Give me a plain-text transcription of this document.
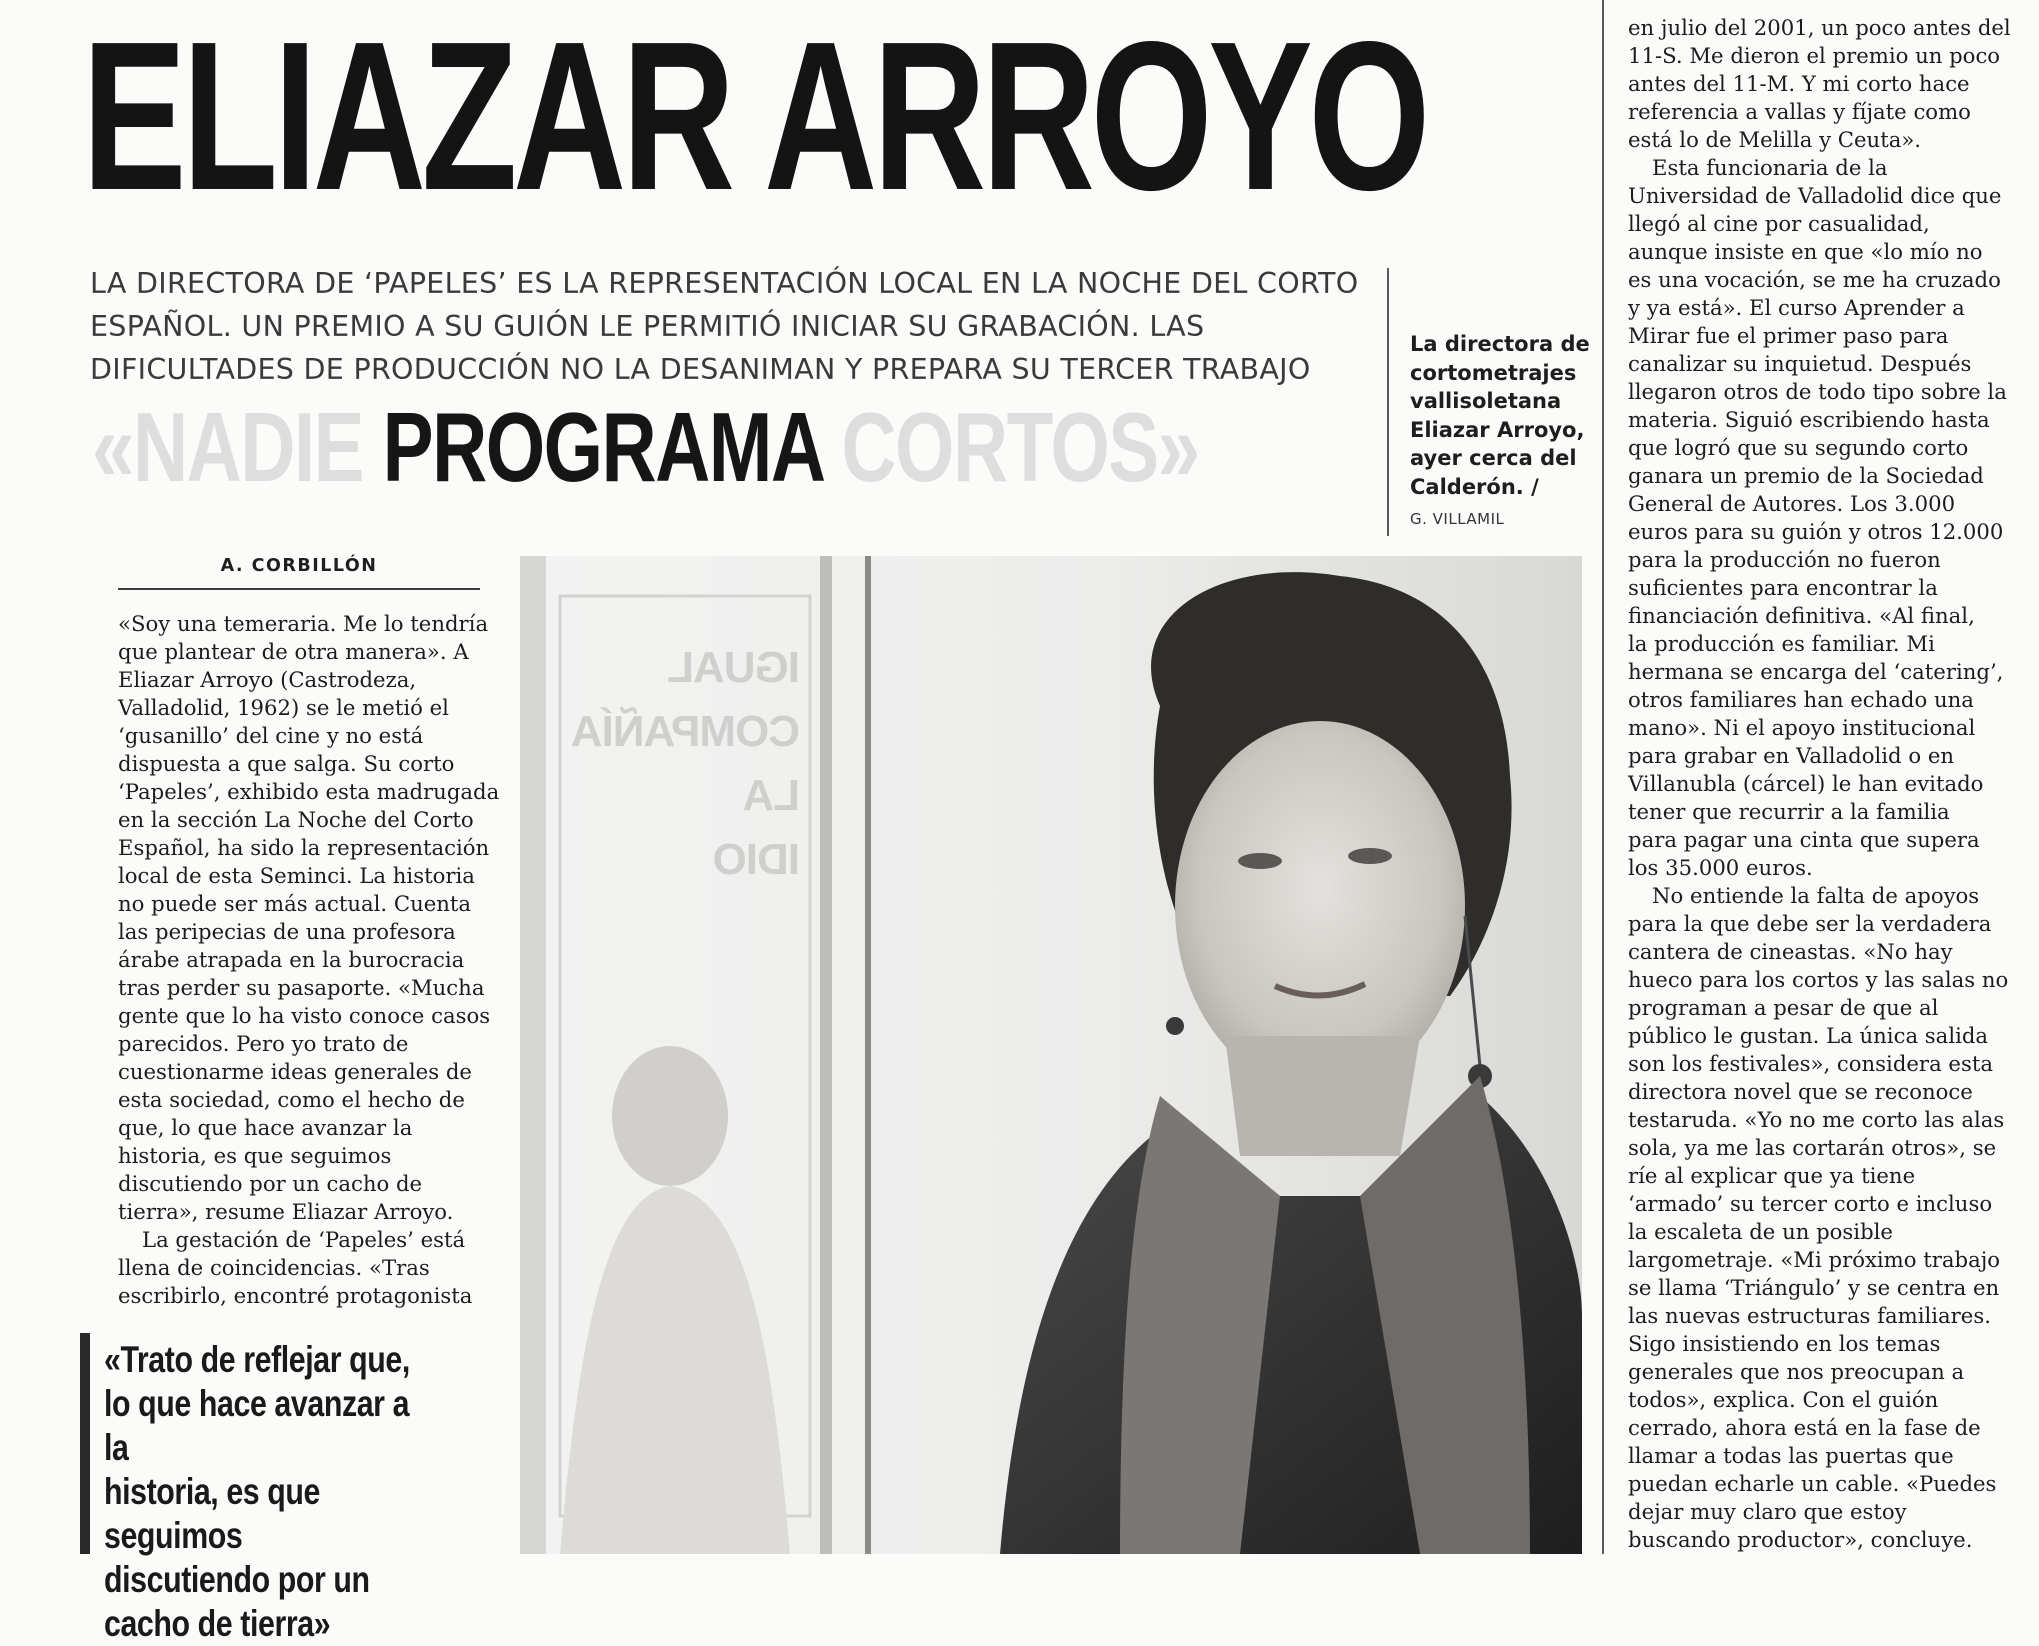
ELIAZAR ARROYO
LA DIRECTORA DE ‘PAPELES’ ES LA REPRESENTACIÓN LOCAL EN LA NOCHE DEL CORTO
ESPAÑOL. UN PREMIO A SU GUIÓN LE PERMITIÓ INICIAR SU GRABACIÓN. LAS
DIFICULTADES DE PRODUCCIÓN NO LA DESANIMAN Y PREPARA SU TERCER TRABAJO
«NADIE PROGRAMA CORTOS»
La directora de
cortometrajes
vallisoletana
Eliazar Arroyo,
ayer cerca del
Calderón. /
G. VILLAMIL
A. CORBILLÓN
«Soy una temeraria. Me lo tendría
que plantear de otra manera». A
Eliazar Arroyo (Castrodeza,
Valladolid, 1962) se le metió el
‘gusanillo’ del cine y no está
dispuesta a que salga. Su corto
‘Papeles’, exhibido esta madrugada
en la sección La Noche del Corto
Español, ha sido la representación
local de esta Seminci. La historia
no puede ser más actual. Cuenta
las peripecias de una profesora
árabe atrapada en la burocracia
tras perder su pasaporte. «Mucha
gente que lo ha visto conoce casos
parecidos. Pero yo trato de
cuestionarme ideas generales de
esta sociedad, como el hecho de
que, lo que hace avanzar la
historia, es que seguimos
discutiendo por un cacho de
tierra», resume Eliazar Arroyo.
La gestación de ‘Papeles’ está
llena de coincidencias. «Tras
escribirlo, encontré protagonista
«Trato de reflejar que,
lo que hace avanzar a la
historia, es que seguimos
discutiendo por un
cacho de tierra»
IGUAL
COMPAÑÍA
LA
IDIO
en julio del 2001, un poco antes del
11-S. Me dieron el premio un poco
antes del 11-M. Y mi corto hace
referencia a vallas y fíjate como
está lo de Melilla y Ceuta».
Esta funcionaria de la
Universidad de Valladolid dice que
llegó al cine por casualidad,
aunque insiste en que «lo mío no
es una vocación, se me ha cruzado
y ya está». El curso Aprender a
Mirar fue el primer paso para
canalizar su inquietud. Después
llegaron otros de todo tipo sobre la
materia. Siguió escribiendo hasta
que logró que su segundo corto
ganara un premio de la Sociedad
General de Autores. Los 3.000
euros para su guión y otros 12.000
para la producción no fueron
suficientes para encontrar la
financiación definitiva. «Al final,
la producción es familiar. Mi
hermana se encarga del ‘catering’,
otros familiares han echado una
mano». Ni el apoyo institucional
para grabar en Valladolid o en
Villanubla (cárcel) le han evitado
tener que recurrir a la familia
para pagar una cinta que supera
los 35.000 euros.
No entiende la falta de apoyos
para la que debe ser la verdadera
cantera de cineastas. «No hay
hueco para los cortos y las salas no
programan a pesar de que al
público le gustan. La única salida
son los festivales», considera esta
directora novel que se reconoce
testaruda. «Yo no me corto las alas
sola, ya me las cortarán otros», se
ríe al explicar que ya tiene
‘armado’ su tercer corto e incluso
la escaleta de un posible
largometraje. «Mi próximo trabajo
se llama ‘Triángulo’ y se centra en
las nuevas estructuras familiares.
Sigo insistiendo en los temas
generales que nos preocupan a
todos», explica. Con el guión
cerrado, ahora está en la fase de
llamar a todas las puertas que
puedan echarle un cable. «Puedes
dejar muy claro que estoy
buscando productor», concluye.
